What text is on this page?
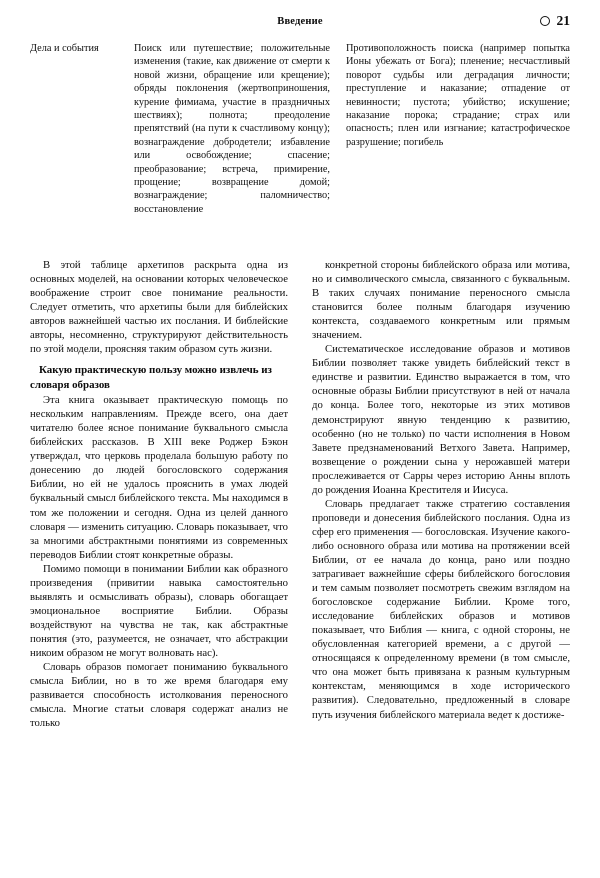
Введение	21
Дела и события	Поиск или путешествие; положительные изменения (такие, как движение от смерти к новой жизни, обращение или крещение); обряды поклонения (жертвоприношения, курение фимиама, участие в праздничных шествиях); полнота; преодоление препятствий (на пути к счастливому концу); вознаграждение добродетели; избавление или освобождение; спасение; преобразование; встреча, примирение, прощение; возвращение домой; вознаграждение; паломничество; восстановление
Противоположность поиска (например попытка Ионы убежать от Бога); пленение; несчастливый поворот судьбы или деградация личности; преступление и наказание; отпадение от невинности; пустота; убийство; искушение; наказание порока; страдание; страх или опасность; плен или изгнание; катастрофическое разрушение; погибель

В этой таблице архетипов раскрыта одна из основных моделей, на основании которых человеческое воображение строит свое понимание реальности. Следует отметить, что архетипы были для библейских авторов важнейшей частью их послания. И библейские авторы, несомненно, структурируют действительность по этой модели, проясняя таким образом суть жизни.

Какую практическую пользу можно извлечь из словаря образов

Эта книга оказывает практическую помощь по нескольким направлениям. Прежде всего, она дает читателю более ясное понимание буквального смысла библейских рассказов. В XIII веке Роджер Бэкон утверждал, что церковь проделала большую работу по донесению до людей богословского содержания Библии, но ей не удалось прояснить в умах людей буквальный смысл библейского текста. Мы находимся в том же положении и сегодня. Одна из целей данного словаря — изменить ситуацию. Словарь показывает, что за многими абстрактными понятиями из современных переводов Библии стоят конкретные образы.

Помимо помощи в понимании Библии как образного произведения (привитии навыка самостоятельно выявлять и осмысливать образы), словарь обогащает эмоциональное восприятие Библии. Образы воздействуют на чувства не так, как абстрактные понятия (это, разумеется, не означает, что абстракции никоим образом не могут волновать нас).

Словарь образов помогает пониманию буквального смысла Библии, но в то же время благодаря ему развивается способность истолкования переносного смысла. Многие статьи словаря содержат анализ не только

конкретной стороны библейского образа или мотива, но и символического смысла, связанного с буквальным. В таких случаях понимание переносного смысла становится более полным благодаря изучению контекста, создаваемого конкретным или прямым значением.

Систематическое исследование образов и мотивов Библии позволяет также увидеть библейский текст в единстве и развитии. Единство выражается в том, что основные образы Библии присутствуют в ней от начала до конца. Более того, некоторые из этих мотивов демонстрируют явную тенденцию к развитию, особенно (но не только) по части исполнения в Новом Завете предзнаменований Ветхого Завета. Например, возвещение о рождении сына у нерожавшей матери прослеживается от Сарры через историю Анны вплоть до рождения Иоанна Крестителя и Иисуса.

Словарь предлагает также стратегию составления проповеди и донесения библейского послания. Одна из сфер его применения — богословская. Изучение какого-либо основного образа или мотива на протяжении всей Библии, от ее начала до конца, рано или поздно затрагивает важнейшие сферы библейского богословия и тем самым позволяет посмотреть свежим взглядом на богословское содержание Библии. Кроме того, исследование библейских образов и мотивов показывает, что Библия — книга, с одной стороны, не обусловленная категорией времени, а с другой — относящаяся к определенному времени (в том смысле, что она может быть привязана к разным культурным контекстам, меняющимся в ходе исторического развития). Следовательно, предложенный в словаре путь изучения библейского материала ведет к достиже-
